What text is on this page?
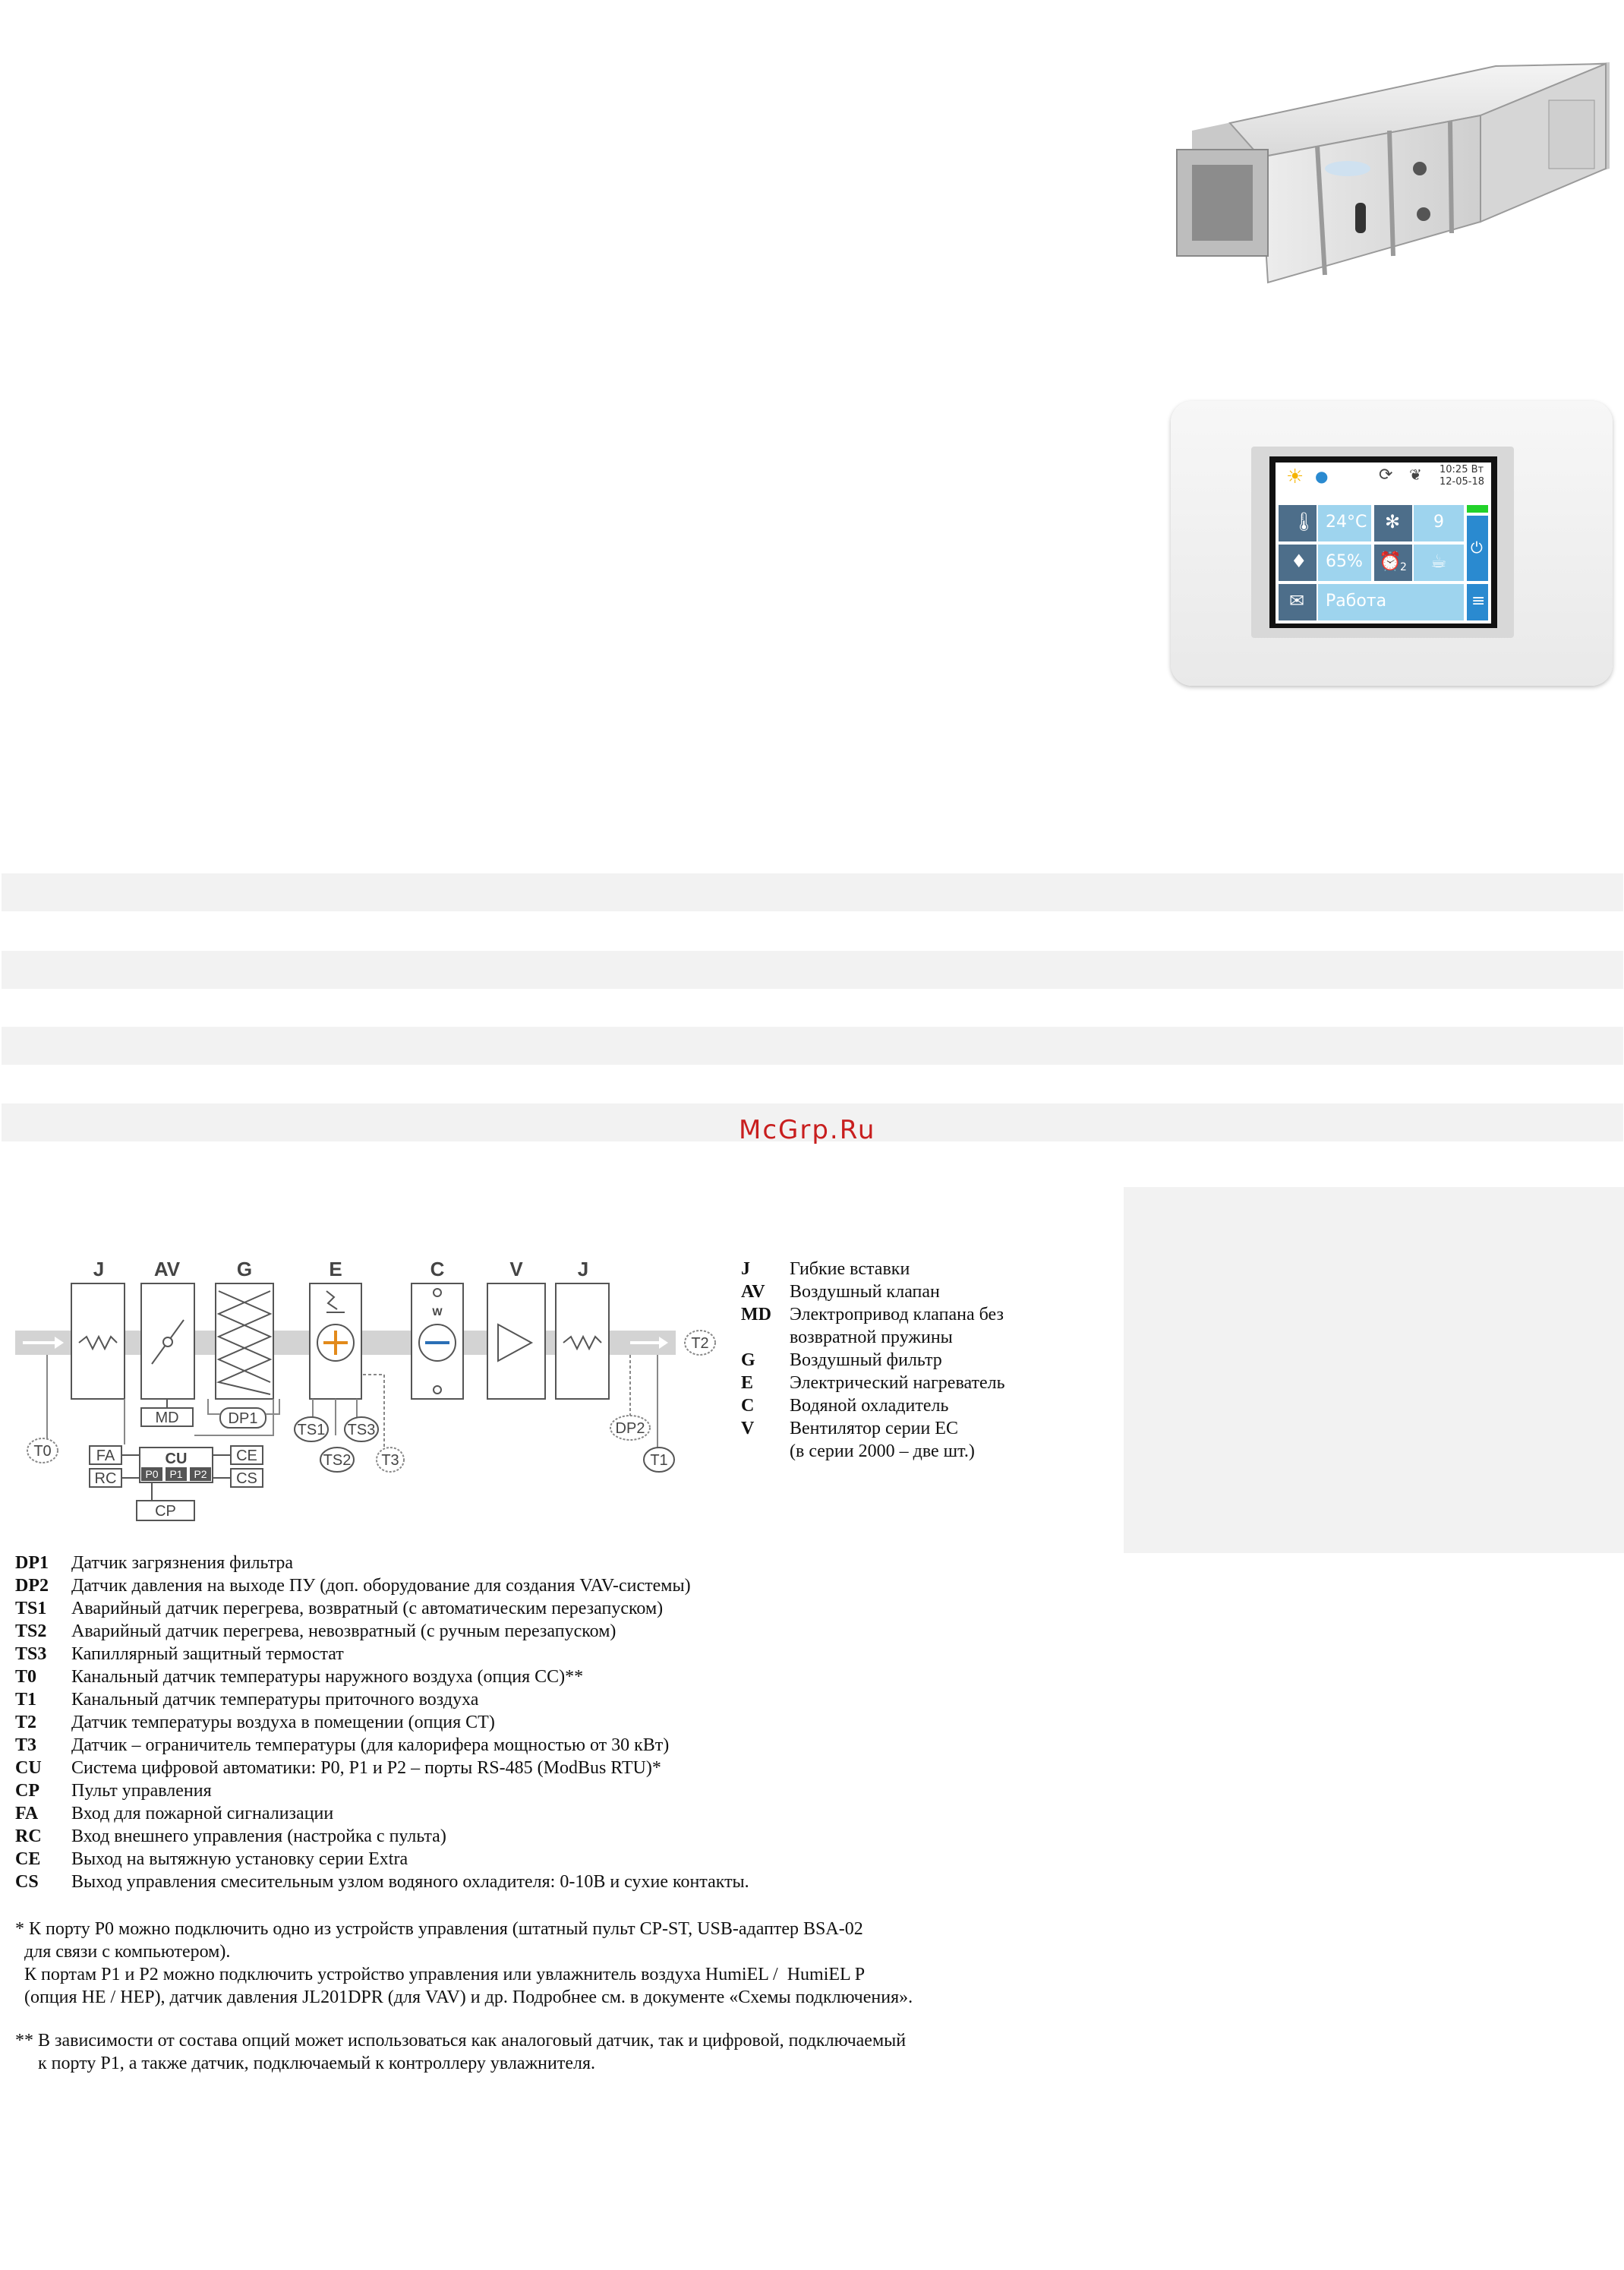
McGrp.Ru
☀ ●	⟳ ❦ 10:25 Вт
12-05-18
🌡 24°C ✻ 9
♦ 65% ⏰
2 ☕
✉ Работа
⏻
≡
J	AV	G	E	C	V	J
W
MD	DP1
T0
TS1 TS3
TS2 T3
DP2
T1
T2
CU
P0 P1 P2
FA
RC
CE
CS
CP
J	Гибкие вставки
AV	Воздушный клапан
MD	Электропривод клапана без
возвратной пружины
G	Воздушный фильтр
E	Электрический нагреватель
C	Водяной охладитель
V	Вентилятор серии EC
(в серии 2000 – две шт.)
DP1 Датчик загрязнения фильтра
DP2 Датчик давления на выходе ПУ (доп. оборудование для создания VAV-системы)
TS1 Аварийный датчик перегрева, возвратный (с автоматическим перезапуском)
TS2 Аварийный датчик перегрева, невозвратный (с ручным перезапуском)
TS3 Капиллярный защитный термостат
T0 Канальный датчик температуры наружного воздуха (опция CC)**
T1 Канальный датчик температуры приточного воздуха
T2 Датчик температуры воздуха в помещении (опция CT)
T3 Датчик – ограничитель температуры (для калорифера мощностью от 30 кВт)
CU Система цифровой автоматики: P0, P1 и P2 – порты RS-485 (ModBus RTU)*
CP Пульт управления
FA Вход для пожарной сигнализации
RC Вход внешнего управления (настройка с пульта)
CE Выход на вытяжную установку серии Extra
CS Выход управления смесительным узлом водяного охладителя: 0-10В и сухие контакты.
* К порту P0 можно подключить одно из устройств управления (штатный пульт CP-ST, USB-адаптер BSA-02
для связи с компьютером).
К портам P1 и P2 можно подключить устройство управления или увлажнитель воздуха HumiEL /  HumiEL P
(опция HE / HEP), датчик давления JL201DPR (для VAV) и др. Подробнее см. в документе «Схемы подключения».
** В зависимости от состава опций может использоваться как аналоговый датчик, так и цифровой, подключаемый
к порту P1, а также датчик, подключаемый к контроллеру увлажнителя.
